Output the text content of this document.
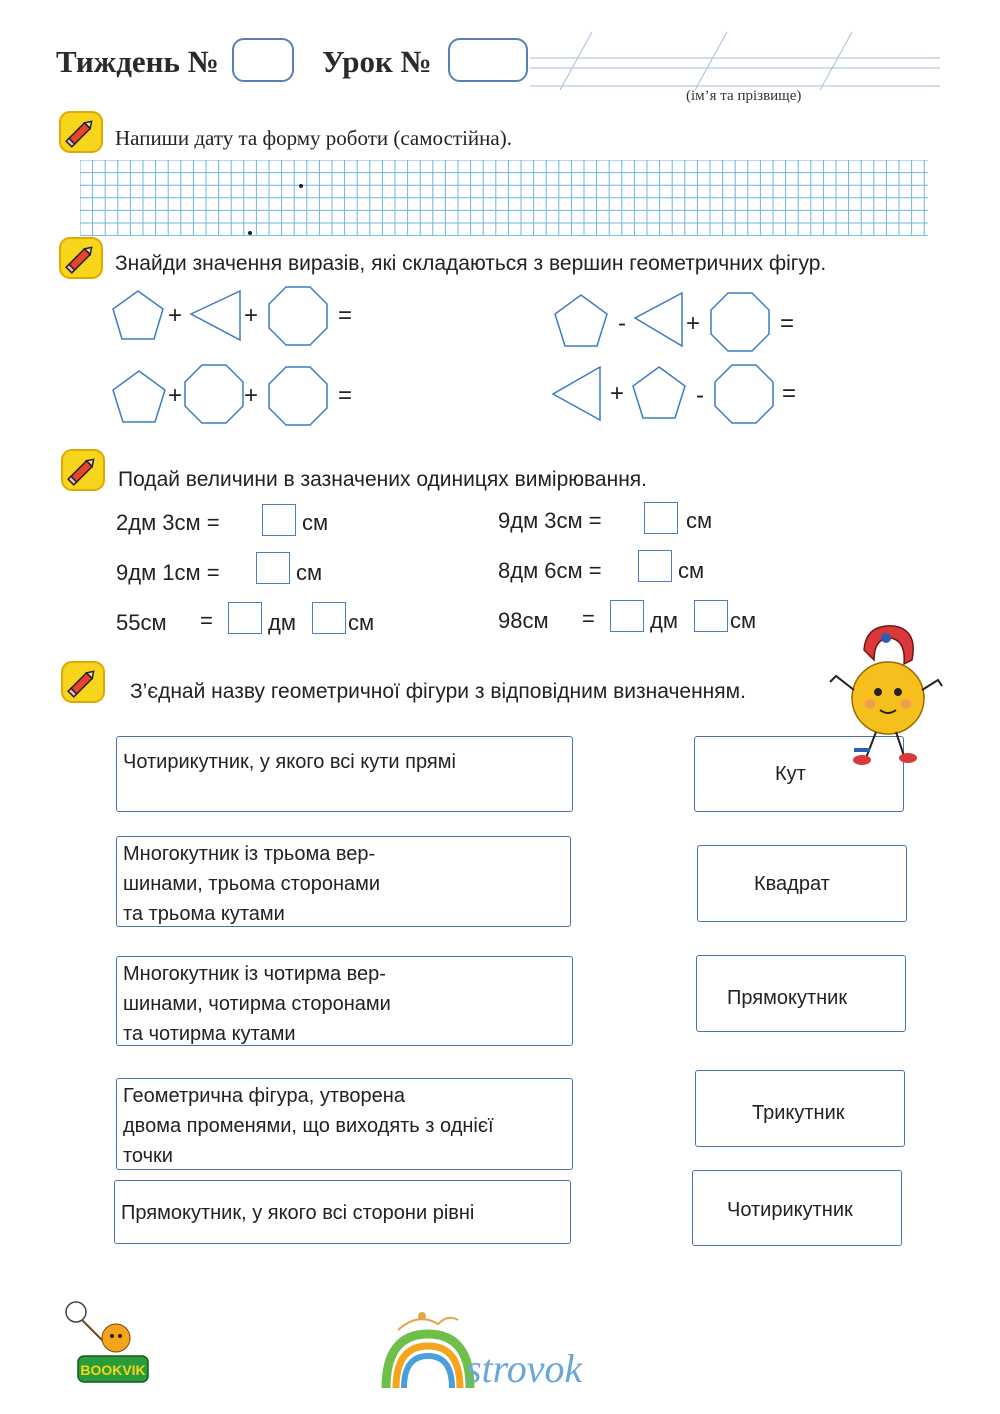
Тиждень №	Урок №
(ім’я та прізвище)
Напиши дату та форму роботи (самостійна).
Знайди значення виразів, які складаються з вершин геометричних фігур.
+	+	=	-	+	=
+	+	=	+	-	=
Подай величини в зазначених одиницях вимірювання.
2дм 3см =	см
9дм 1см =	см
55см =	дм см
9дм 3см =	см
8дм 6см =	см
98см =	дм см
З’єднай назву геометричної фігури з відповідним визначенням.
Чотирикутник, у якого всі кути прямі
Многокутник із трьома вер-
шинами, трьома сторонами
та трьома кутами
Многокутник із чотирма вер-
шинами, чотирма сторонами
та чотирма кутами
Геометрична фігура, утворена
двома променями, що виходять з однієї
точки
Прямокутник, у якого всі сторони рівні
Кут
Квадрат
Прямокутник
Трикутник
Чотирикутник
BOOKVIK	strovok
